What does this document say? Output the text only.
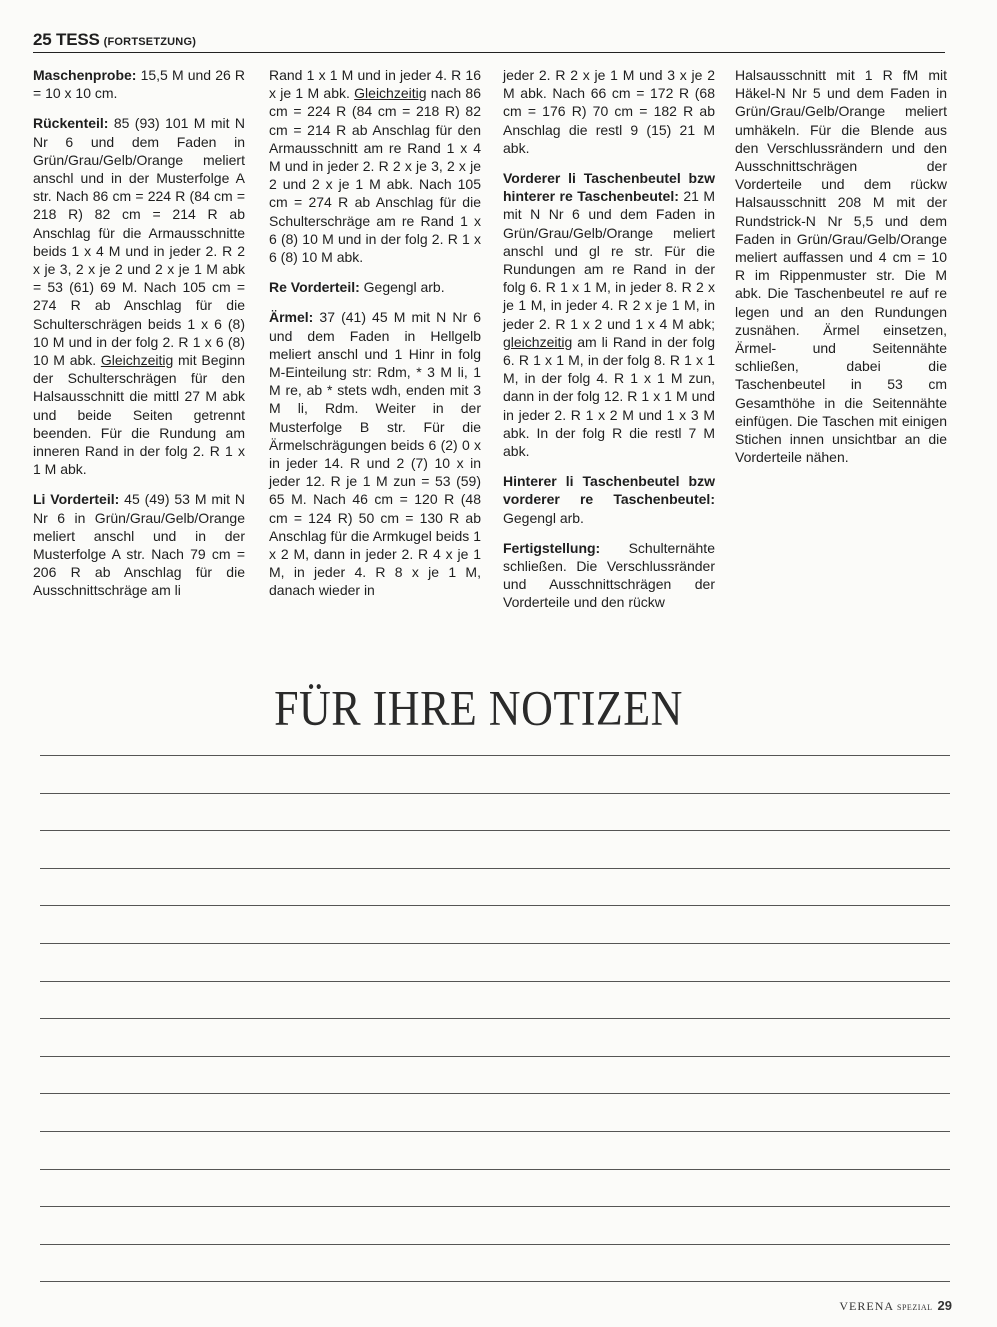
25 TESS (FORTSETZUNG)

Maschenprobe: 15,5 M und 26 R = 10 x 10 cm.

Rückenteil: 85 (93) 101 M mit N Nr 6 und dem Faden in Grün/Grau/Gelb/Orange meliert anschl und in der Musterfolge A str. Nach 86 cm = 224 R (84 cm = 218 R) 82 cm = 214 R ab Anschlag für die Armausschnitte beids 1 x 4 M und in jeder 2. R 2 x je 3, 2 x je 2 und 2 x je 1 M abk = 53 (61) 69 M. Nach 105 cm = 274 R ab Anschlag für die Schulterschrägen beids 1 x 6 (8) 10 M und in der folg 2. R 1 x 6 (8) 10 M abk. Gleichzeitig mit Beginn der Schulterschrägen für den Halsausschnitt die mittl 27 M abk und beide Seiten getrennt beenden. Für die Rundung am inneren Rand in der folg 2. R 1 x 1 M abk.

Li Vorderteil: 45 (49) 53 M mit N Nr 6 in Grün/Grau/Gelb/Orange meliert anschl und in der Musterfolge A str. Nach 79 cm = 206 R ab Anschlag für die Ausschnittschräge am li

Rand 1 x 1 M und in jeder 4. R 16 x je 1 M abk. Gleichzeitig nach 86 cm = 224 R (84 cm = 218 R) 82 cm = 214 R ab Anschlag für den Armausschnitt am re Rand 1 x 4 M und in jeder 2. R 2 x je 3, 2 x je 2 und 2 x je 1 M abk. Nach 105 cm = 274 R ab Anschlag für die Schulterschräge am re Rand 1 x 6 (8) 10 M und in der folg 2. R 1 x 6 (8) 10 M abk.

Re Vorderteil: Gegengl arb.

Ärmel: 37 (41) 45 M mit N Nr 6 und dem Faden in Hellgelb meliert anschl und 1 Hinr in folg M-Einteilung str: Rdm, * 3 M li, 1 M re, ab * stets wdh, enden mit 3 M li, Rdm. Weiter in der Musterfolge B str. Für die Ärmelschrägungen beids 6 (2) 0 x in jeder 14. R und 2 (7) 10 x in jeder 12. R je 1 M zun = 53 (59) 65 M. Nach 46 cm = 120 R (48 cm = 124 R) 50 cm = 130 R ab Anschlag für die Armkugel beids 1 x 2 M, dann in jeder 2. R 4 x je 1 M, in jeder 4. R 8 x je 1 M, danach wieder in

jeder 2. R 2 x je 1 M und 3 x je 2 M abk. Nach 66 cm = 172 R (68 cm = 176 R) 70 cm = 182 R ab Anschlag die restl 9 (15) 21 M abk.

Vorderer li Taschenbeutel bzw hinterer re Taschenbeutel: 21 M mit N Nr 6 und dem Faden in Grün/Grau/Gelb/Orange meliert anschl und gl re str. Für die Rundungen am re Rand in der folg 6. R 1 x 1 M, in jeder 8. R 2 x je 1 M, in jeder 4. R 2 x je 1 M, in jeder 2. R 1 x 2 und 1 x 4 M abk; gleichzeitig am li Rand in der folg 6. R 1 x 1 M, in der folg 8. R 1 x 1 M, in der folg 4. R 1 x 1 M zun, dann in der folg 12. R 1 x 1 M und in jeder 2. R 1 x 2 M und 1 x 3 M abk. In der folg R die restl 7 M abk.

Hinterer li Taschenbeutel bzw vorderer re Taschenbeutel: Gegengl arb.

Fertigstellung: Schulternähte schließen. Die Verschlussränder und Ausschnittschrägen der Vorderteile und den rückw

Halsausschnitt mit 1 R fM mit Häkel-N Nr 5 und dem Faden in Grün/Grau/Gelb/Orange meliert umhäkeln. Für die Blende aus den Verschlussrändern und den Ausschnittschrägen der Vorderteile und dem rückw Halsausschnitt 208 M mit der Rundstrick-N Nr 5,5 und dem Faden in Grün/Grau/Gelb/Orange meliert auffassen und 4 cm = 10 R im Rippenmuster str. Die M abk. Die Taschenbeutel re auf re legen und an den Rundungen zusnähen. Ärmel einsetzen, Ärmel- und Seitennähte schließen, dabei die Taschenbeutel in 53 cm Gesamthöhe in die Seitennähte einfügen. Die Taschen mit einigen Stichen innen unsichtbar an die Vorderteile nähen.

FÜR IHRE NOTIZEN
VERENA SPEZIAL 29
